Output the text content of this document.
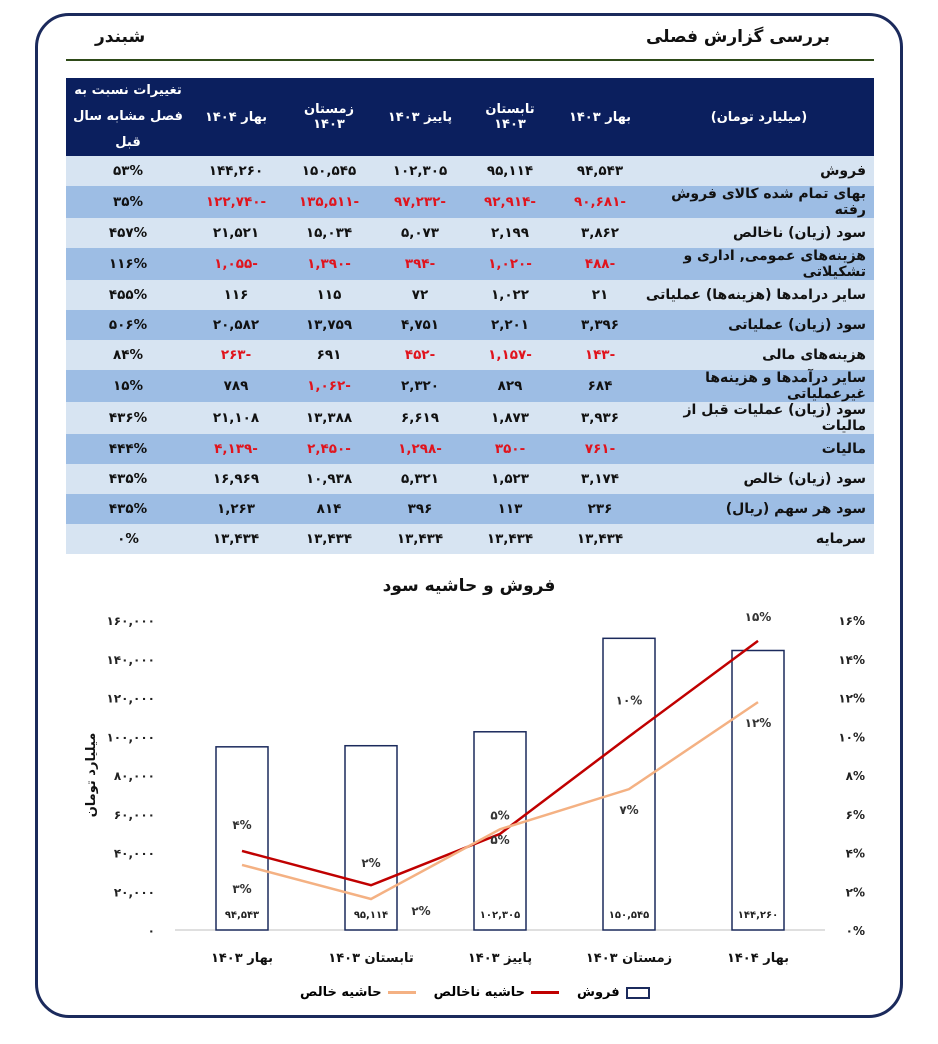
بررسی گزارش فصلی
شبندر
(میلیارد تومان)	بهار ۱۴۰۳	تابستان ۱۴۰۳	پاییز ۱۴۰۳	زمستان ۱۴۰۳	بهار ۱۴۰۴	تغییرات نسبت به فصل مشابه سال قبل
فروش	۹۴,۵۴۳	۹۵,۱۱۴	۱۰۲,۳۰۵	۱۵۰,۵۴۵	۱۴۴,۲۶۰	۵۳%
بهای تمام شده کالای فروش رفته	-۹۰,۶۸۱	-۹۲,۹۱۴	-۹۷,۲۳۲	-۱۳۵,۵۱۱	-۱۲۲,۷۴۰	۳۵%
سود (زیان) ناخالص	۳,۸۶۲	۲,۱۹۹	۵,۰۷۳	۱۵,۰۳۴	۲۱,۵۲۱	۴۵۷%
هزینه‌های عمومی, اداری و تشکیلاتی	-۴۸۸	-۱,۰۲۰	-۳۹۴	-۱,۳۹۰	-۱,۰۵۵	۱۱۶%
سایر درامدها (هزینه‌ها) عملیاتی	۲۱	۱,۰۲۲	۷۲	۱۱۵	۱۱۶	۴۵۵%
سود (زیان) عملیاتی	۳,۳۹۶	۲,۲۰۱	۴,۷۵۱	۱۳,۷۵۹	۲۰,۵۸۲	۵۰۶%
هزینه‌های مالی	-۱۴۳	-۱,۱۵۷	-۴۵۲	۶۹۱	-۲۶۳	۸۴%
سایر درآمدها و هزینه‌ها غیرعملیاتی	۶۸۴	۸۲۹	۲,۳۲۰	-۱,۰۶۲	۷۸۹	۱۵%
سود (زیان) عملیات قبل از مالیات	۳,۹۳۶	۱,۸۷۳	۶,۶۱۹	۱۳,۳۸۸	۲۱,۱۰۸	۴۳۶%
مالیات	-۷۶۱	-۳۵۰	-۱,۲۹۸	-۲,۴۵۰	-۴,۱۳۹	۴۴۴%
سود (زیان) خالص	۳,۱۷۴	۱,۵۲۳	۵,۳۲۱	۱۰,۹۳۸	۱۶,۹۶۹	۴۳۵%
سود هر سهم (ریال)	۲۳۶	۱۱۳	۳۹۶	۸۱۴	۱,۲۶۳	۴۳۵%
سرمایه	۱۳,۴۳۴	۱۳,۴۳۴	۱۳,۴۳۴	۱۳,۴۳۴	۱۳,۴۳۴	۰%
فروش و حاشیه سود
۰
۲۰,۰۰۰
۴۰,۰۰۰
۶۰,۰۰۰
۸۰,۰۰۰
۱۰۰,۰۰۰
۱۲۰,۰۰۰
۱۴۰,۰۰۰
۱۶۰,۰۰۰
۰%
۲%
۴%
۶%
۸%
۱۰%
۱۲%
۱۴%
۱۶%
میلیارد تومان
۹۴,۵۴۳	۹۵,۱۱۴	۱۰۲,۳۰۵	۱۵۰,۵۴۵	۱۴۴,۲۶۰
بهار ۱۴۰۳	تابستان ۱۴۰۳	پاییز ۱۴۰۳	زمستان ۱۴۰۳	بهار ۱۴۰۴
۴%
۲%
۵%
۱۰%
۱۵%
۳%
۲%
۵%	۷%
۱۲%
فروش
حاشیه ناخالص
حاشیه خالص
